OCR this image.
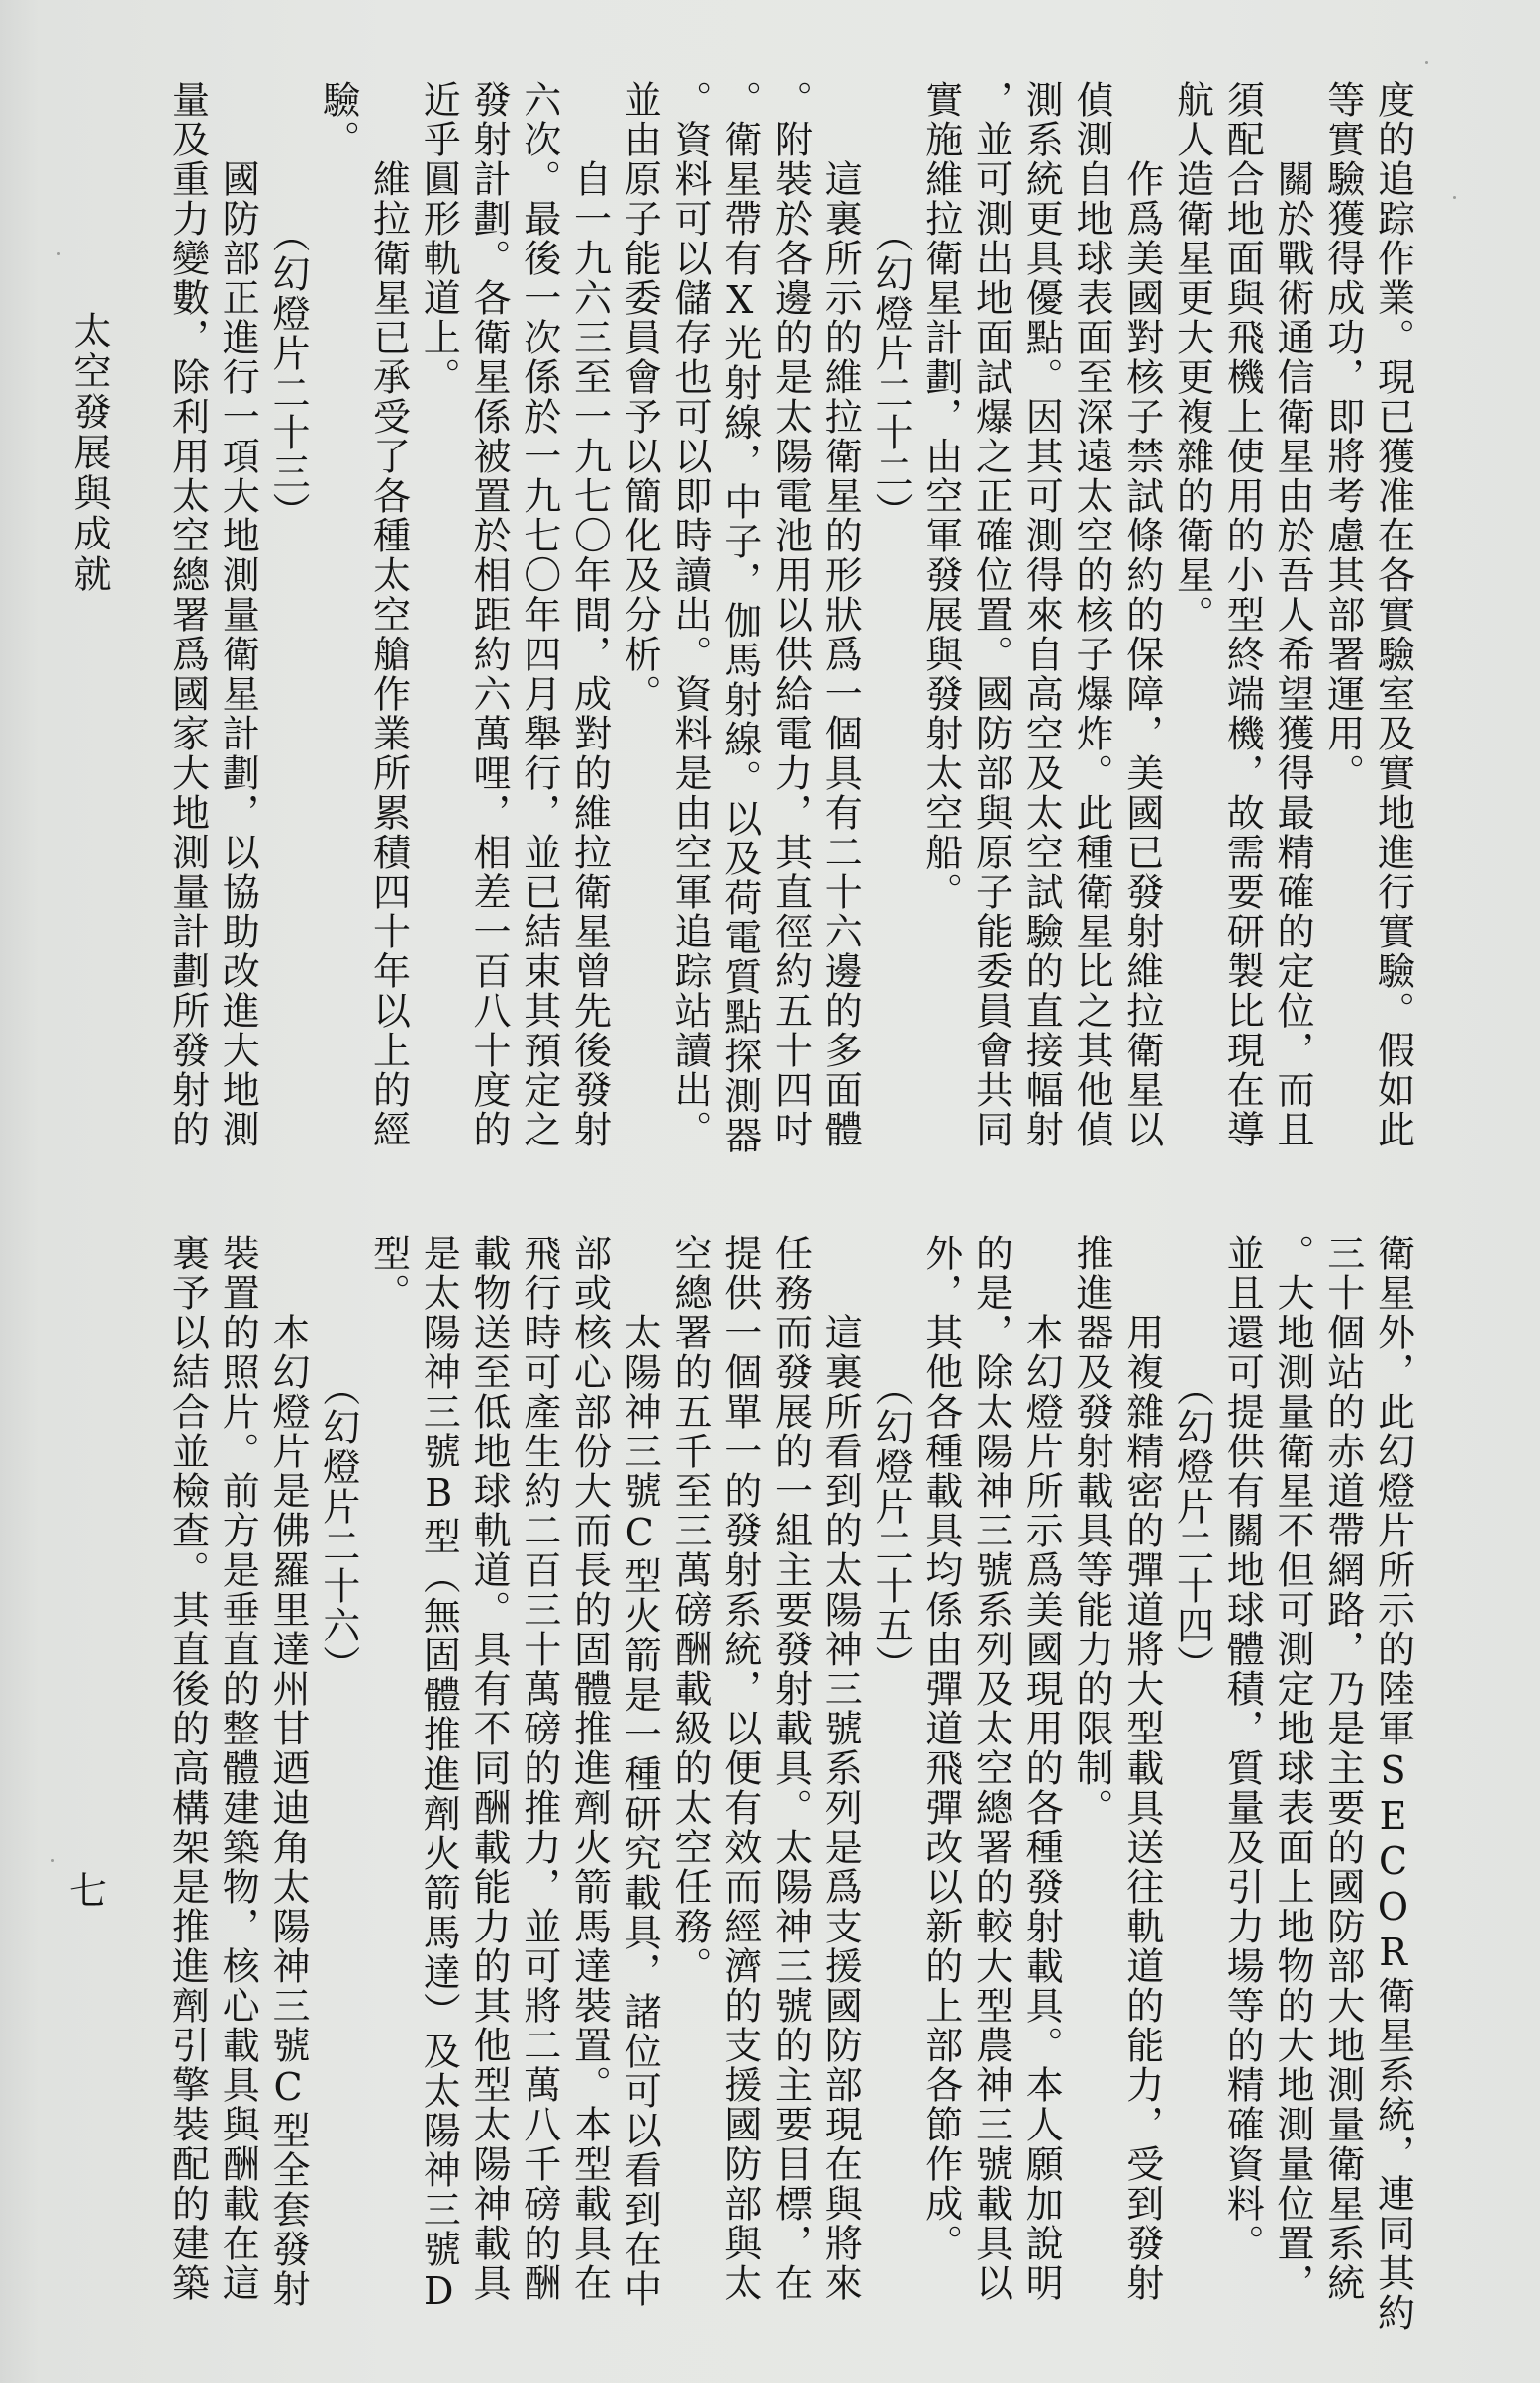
太空發展與成就
七
度的追踪作業。現已獲准在各實驗室及實地進行實驗。假如此
等實驗獲得成功，即將考慮其部署運用。
關於戰術通信衛星由於吾人希望獲得最精確的定位，而且
須配合地面與飛機上使用的小型終端機，故需要研製比現在導
航人造衛星更大更複雜的衛星。
作爲美國對核子禁試條約的保障，美國已發射維拉衛星以
偵測自地球表面至深遠太空的核子爆炸。此種衛星比之其他偵
測系統更具優點。因其可測得來自高空及太空試驗的直接幅射
，並可測出地面試爆之正確位置。國防部與原子能委員會共同
實施維拉衛星計劃，由空軍發展與發射太空船。
（幻燈片二十二）
這裏所示的維拉衛星的形狀爲一個具有二十六邊的多面體
。附裝於各邊的是太陽電池用以供給電力，其直徑約五十四吋
。衛星帶有X光射線，中子，伽馬射線。以及荷電質點探測器
。資料可以儲存也可以即時讀出。資料是由空軍追踪站讀出。
並由原子能委員會予以簡化及分析。
自一九六三至一九七〇年間，成對的維拉衛星曾先後發射
六次。最後一次係於一九七〇年四月舉行，並已結束其預定之
發射計劃。各衛星係被置於相距約六萬哩，相差一百八十度的
近乎圓形軌道上。
維拉衛星已承受了各種太空艙作業所累積四十年以上的經
驗。
（幻燈片二十三）
國防部正進行一項大地測量衛星計劃，以協助改進大地測
量及重力變數，除利用太空總署爲國家大地測量計劃所發射的
衛星外，此幻燈片所示的陸軍SECOR衛星系統，連同其約
三十個站的赤道帶網路，乃是主要的國防部大地測量衛星系統
。大地測量衛星不但可測定地球表面上地物的大地測量位置，
並且還可提供有關地球體積，質量及引力場等的精確資料。
（幻燈片二十四）
用複雜精密的彈道將大型載具送往軌道的能力，受到發射
推進器及發射載具等能力的限制。
本幻燈片所示爲美國現用的各種發射載具。本人願加說明
的是，除太陽神三號系列及太空總署的較大型農神三號載具以
外，其他各種載具均係由彈道飛彈改以新的上部各節作成。
（幻燈片二十五）
這裏所看到的太陽神三號系列是爲支援國防部現在與將來
任務而發展的一組主要發射載具。太陽神三號的主要目標，在
提供一個單一的發射系統，以便有效而經濟的支援國防部與太
空總署的五千至三萬磅酬載級的太空任務。
太陽神三號C型火箭是一種研究載具，諸位可以看到在中
部或核心部份大而長的固體推進劑火箭馬達裝置。本型載具在
飛行時可產生約二百三十萬磅的推力，並可將二萬八千磅的酬
載物送至低地球軌道。具有不同酬載能力的其他型太陽神載具
是太陽神三號B型（無固體推進劑火箭馬達）及太陽神三號D
型。
（幻燈片二十六）
本幻燈片是佛羅里達州甘迺迪角太陽神三號C型全套發射
裝置的照片。前方是垂直的整體建築物，核心載具與酬載在這
裏予以結合並檢查。其直後的高構架是推進劑引擎裝配的建築
